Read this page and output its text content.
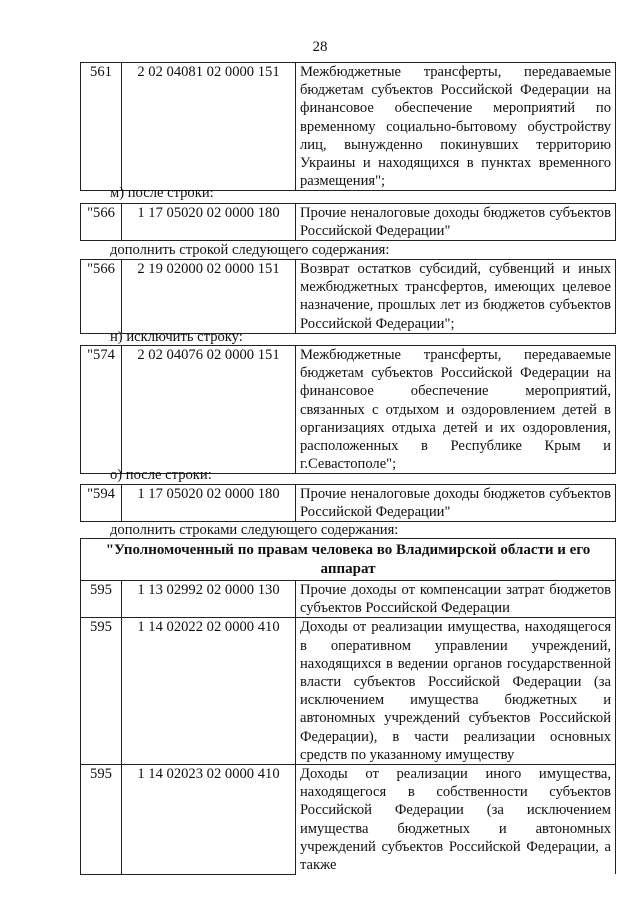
28
561	2 02 04081 02 0000 151	Межбюджетные трансферты, передаваемые бюджетам субъектов Российской Федерации на финансовое обеспечение мероприятий по временному социально-бытовому обустройству лиц, вынужденно покинувших территорию Украины и находящихся в пунктах временного размещения";
м) после строки:
"566	1 17 05020 02 0000 180	Прочие неналоговые доходы бюджетов субъектов Российской Федерации"
дополнить строкой следующего содержания:
"566	2 19 02000 02 0000 151	Возврат остатков субсидий, субвенций и иных межбюджетных трансфертов, имеющих целевое назначение, прошлых лет из бюджетов субъектов Российской Федерации";
н) исключить строку:
"574	2 02 04076 02 0000 151	Межбюджетные трансферты, передаваемые бюджетам субъектов Российской Федерации на финансовое обеспечение мероприятий, связанных с отдыхом и оздоровлением детей в организациях отдыха детей и их оздоровления, расположенных в Республике Крым и г.Севастополе";
о) после строки:
"594	1 17 05020 02 0000 180	Прочие неналоговые доходы бюджетов субъектов Российской Федерации"
дополнить строками следующего содержания:
"Уполномоченный по правам человека во Владимирской области и его аппарат		
595	1 13 02992 02 0000 130	Прочие доходы от компенсации затрат бюджетов субъектов Российской Федерации
595	1 14 02022 02 0000 410	Доходы от реализации имущества, находящегося в оперативном управлении учреждений, находящихся в ведении органов государственной власти субъектов Российской Федерации (за исключением имущества бюджетных и автономных учреждений субъектов Российской Федерации), в части реализации основных средств по указанному имуществу
595	1 14 02023 02 0000 410	Доходы от реализации иного имущества, находящегося в собственности субъектов Российской Федерации (за исключением имущества бюджетных и автономных учреждений субъектов Российской Федерации, а также
